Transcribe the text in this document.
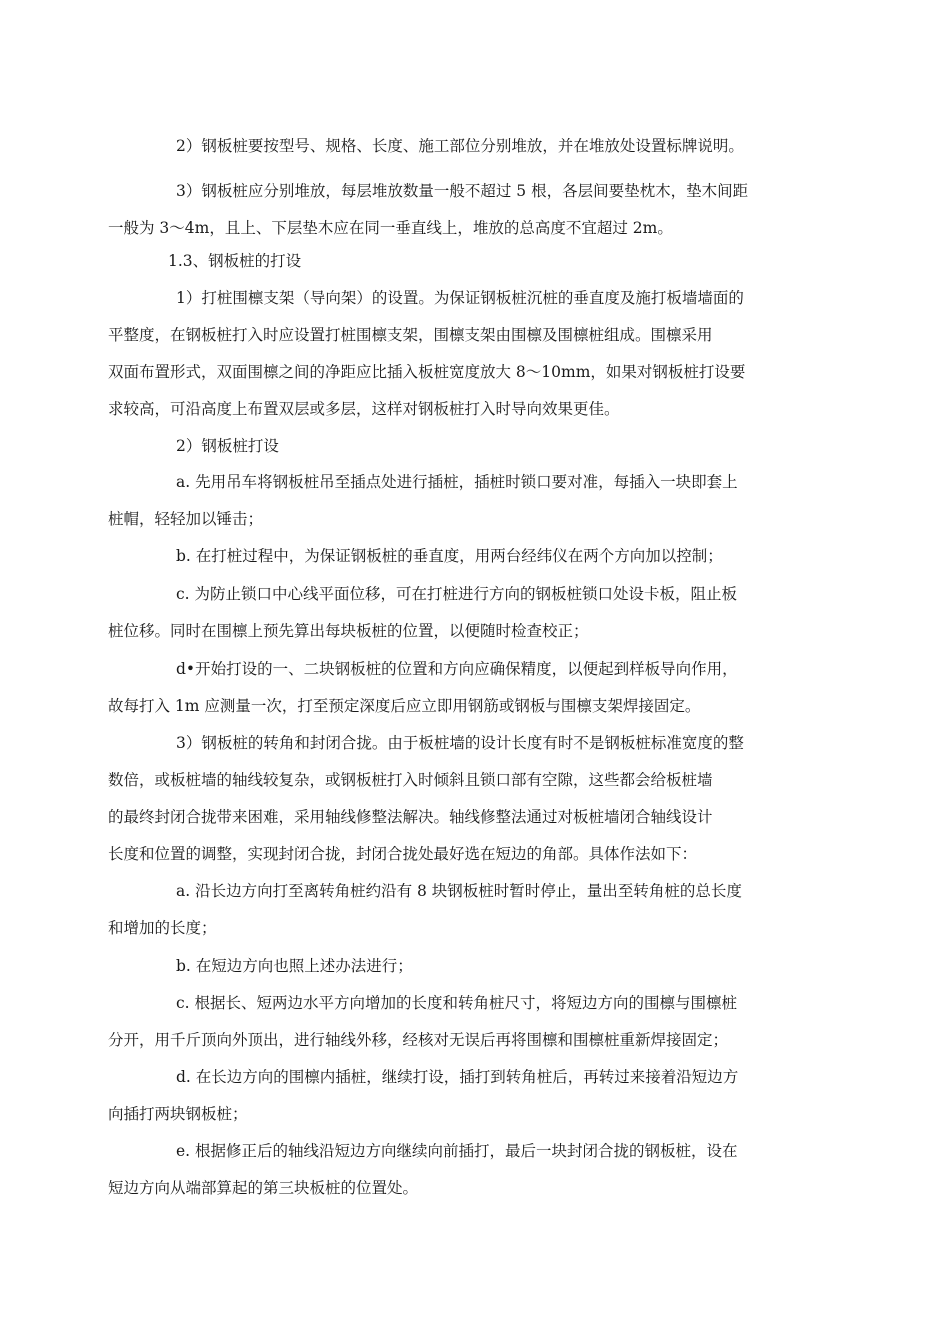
2）钢板桩要按型号、规格、长度、施工部位分别堆放，并在堆放处设置标牌说明。

3）钢板桩应分别堆放，每层堆放数量一般不超过 5 根，各层间要垫枕木，垫木间距
一般为 3～4m，且上、下层垫木应在同一垂直线上，堆放的总高度不宜超过 2m。

1.3、钢板桩的打设

1）打桩围檩支架（导向架）的设置。为保证钢板桩沉桩的垂直度及施打板墙墙面的
平整度，在钢板桩打入时应设置打桩围檩支架，围檩支架由围檩及围檩桩组成。围檩采用
双面布置形式，双面围檩之间的净距应比插入板桩宽度放大 8～10mm，如果对钢板桩打设要
求较高，可沿高度上布置双层或多层，这样对钢板桩打入时导向效果更佳。

2）钢板桩打设

a. 先用吊车将钢板桩吊至插点处进行插桩，插桩时锁口要对准，每插入一块即套上
桩帽，轻轻加以锤击；

b. 在打桩过程中，为保证钢板桩的垂直度，用两台经纬仪在两个方向加以控制；

c. 为防止锁口中心线平面位移，可在打桩进行方向的钢板桩锁口处设卡板，阻止板
桩位移。同时在围檩上预先算出每块板桩的位置，以便随时检查校正；

d•开始打设的一、二块钢板桩的位置和方向应确保精度，以便起到样板导向作用，
故每打入 1m 应测量一次，打至预定深度后应立即用钢筋或钢板与围檩支架焊接固定。

3）钢板桩的转角和封闭合拢。由于板桩墙的设计长度有时不是钢板桩标准宽度的整
数倍，或板桩墙的轴线较复杂，或钢板桩打入时倾斜且锁口部有空隙，这些都会给板桩墙
的最终封闭合拢带来困难，采用轴线修整法解决。轴线修整法通过对板桩墙闭合轴线设计
长度和位置的调整，实现封闭合拢，封闭合拢处最好选在短边的角部。具体作法如下：

a. 沿长边方向打至离转角桩约沿有 8 块钢板桩时暂时停止，量出至转角桩的总长度
和增加的长度；

b. 在短边方向也照上述办法进行；

c. 根据长、短两边水平方向增加的长度和转角桩尺寸，将短边方向的围檩与围檩桩
分开，用千斤顶向外顶出，进行轴线外移，经核对无误后再将围檩和围檩桩重新焊接固定；

d. 在长边方向的围檩内插桩，继续打设，插打到转角桩后，再转过来接着沿短边方
向插打两块钢板桩；

e. 根据修正后的轴线沿短边方向继续向前插打，最后一块封闭合拢的钢板桩，设在
短边方向从端部算起的第三块板桩的位置处。
